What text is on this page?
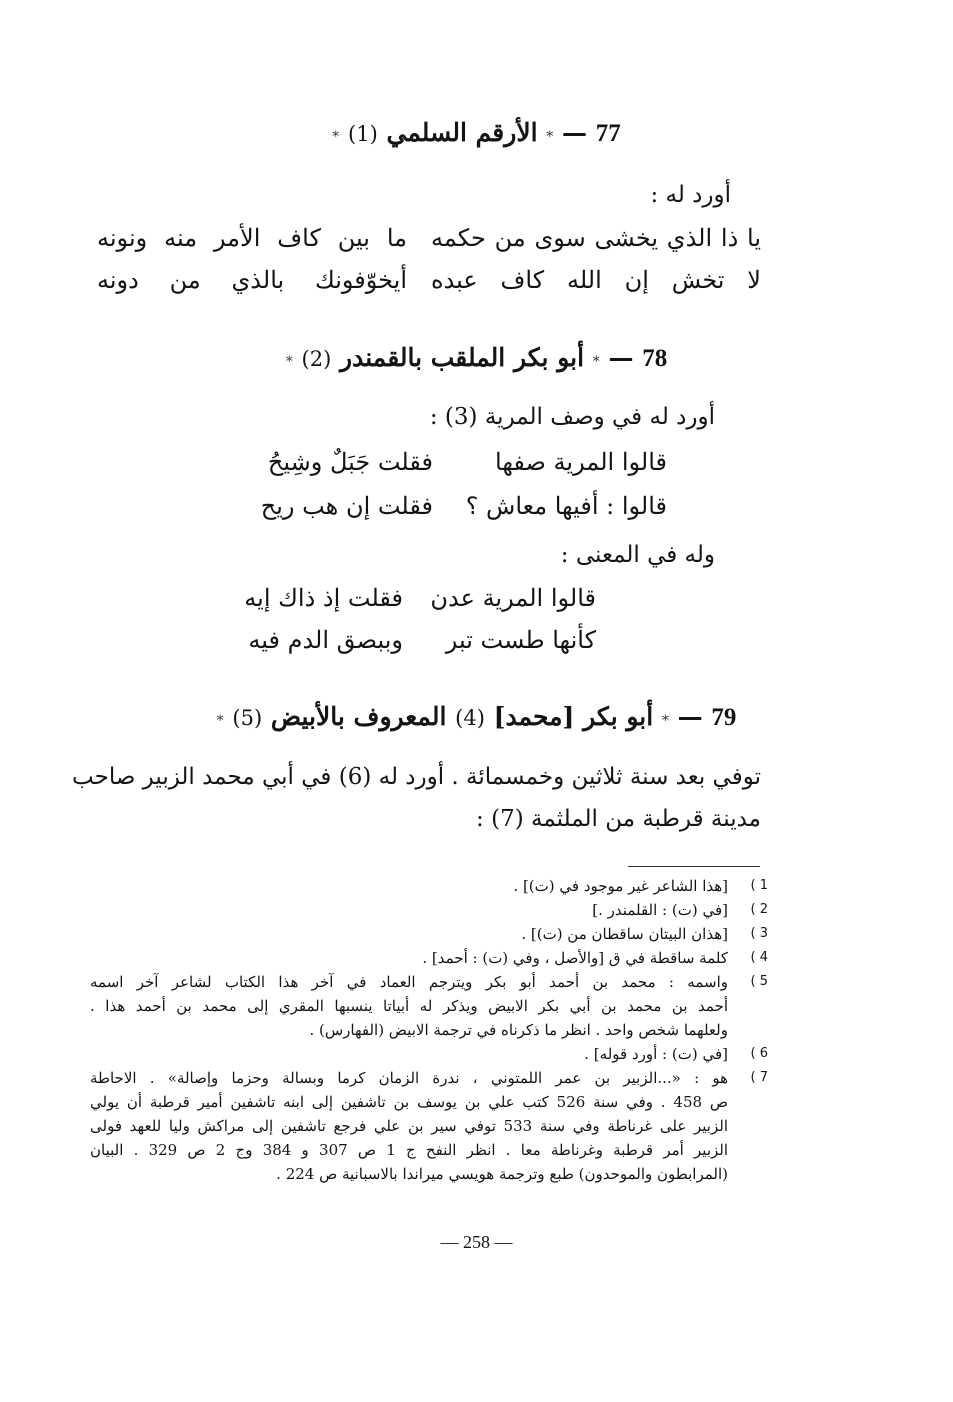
77 — * الأرقم السلمي (1) *
أورد له :
يا ذا الذي يخشى سوى من حكمه
ما بين كاف الأمر منه ونونه
لا تخش إن الله كاف عبده
أيخوّفونك بالذي من دونه
78 — * أبو بكر الملقب بالقمندر (2) *
أورد له في وصف المرية (3) :
قالوا المرية صفها
فقلت جَبَلٌ وشِيحُ
قالوا : أفيها معاش ؟
فقلت إن هب ريح
وله في المعنى :
قالوا المرية عدن
فقلت إذ ذاك إيه
كأنها طست تبر
وببصق الدم فيه
79 — * أبو بكر [محمد] (4) المعروف بالأبيض (5) *
توفي بعد سنة ثلاثين وخمسمائة . أورد له (6) في أبي محمد الزبير صاحب
مدينة قرطبة من الملثمة (7) :
1 )
[هذا الشاعر غير موجود في (ت)] .
2 )
[في (ت) : القلمندر .]
3 )
[هذان البيتان ساقطان من (ت)] .
4 )
كلمة ساقطة في ق [والأصل ، وفي (ت) : أحمد] .
5 )
واسمه : محمد بن أحمد أبو بكر ويترجم العماد في آخر هذا الكتاب لشاعر آخر اسمه
أحمد بن محمد بن أبي بكر الابيض ويذكر له أبياتا ينسبها المقري إلى محمد بن أحمد هذا .
ولعلهما شخص واحد . انظر ما ذكرناه في ترجمة الابيض (الفهارس) .
6 )
[في (ت) : أورد قوله] .
7 )
هو : «...الزبير بن عمر اللمتوني ، ندرة الزمان كرما وبسالة وحزما وإصالة» . الاحاطة
ص 458 . وفي سنة 526 كتب علي بن يوسف بن تاشفين إلى ابنه تاشفين أمير قرطبة أن يولي
الزبير على غرناطة وفي سنة 533 توفي سير بن علي فرجع تاشفين إلى مراكش وليا للعهد فولى
الزبير أمر قرطبة وغرناطة معا . انظر النفح ج 1 ص 307 و 384 وج 2 ص 329 . البيان
(المرابطون والموحدون) طبع وترجمة هويسي ميراندا بالاسبانية ص 224 .
— 258 —
